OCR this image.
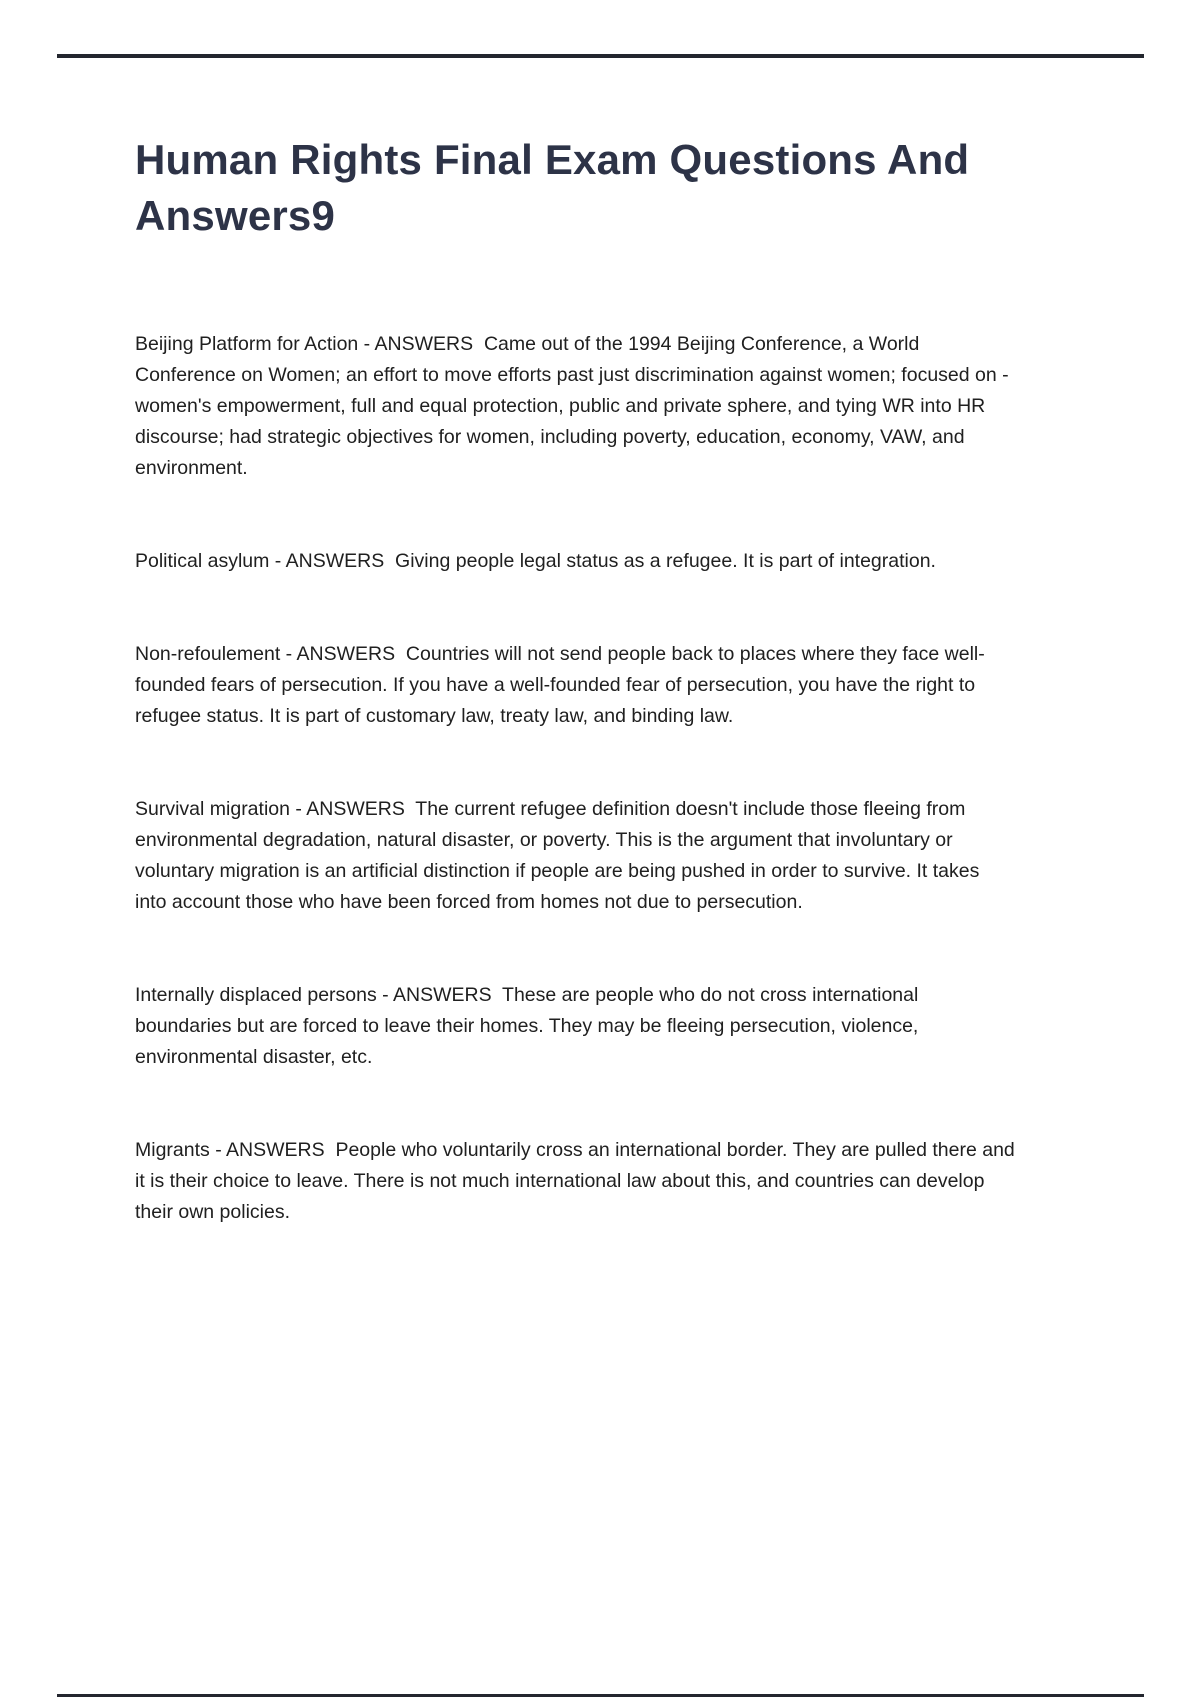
Human Rights Final Exam Questions And Answers9

Beijing Platform for Action - ANSWERS  Came out of the 1994 Beijing Conference, a World Conference on Women; an effort to move efforts past just discrimination against women; focused on - women's empowerment, full and equal protection, public and private sphere, and tying WR into HR discourse; had strategic objectives for women, including poverty, education, economy, VAW, and environment.

Political asylum - ANSWERS  Giving people legal status as a refugee. It is part of integration.

Non-refoulement - ANSWERS  Countries will not send people back to places where they face well-founded fears of persecution. If you have a well-founded fear of persecution, you have the right to refugee status. It is part of customary law, treaty law, and binding law.

Survival migration - ANSWERS  The current refugee definition doesn't include those fleeing from environmental degradation, natural disaster, or poverty. This is the argument that involuntary or voluntary migration is an artificial distinction if people are being pushed in order to survive. It takes into account those who have been forced from homes not due to persecution.

Internally displaced persons - ANSWERS  These are people who do not cross international boundaries but are forced to leave their homes. They may be fleeing persecution, violence, environmental disaster, etc.

Migrants - ANSWERS  People who voluntarily cross an international border. They are pulled there and it is their choice to leave. There is not much international law about this, and countries can develop their own policies.
